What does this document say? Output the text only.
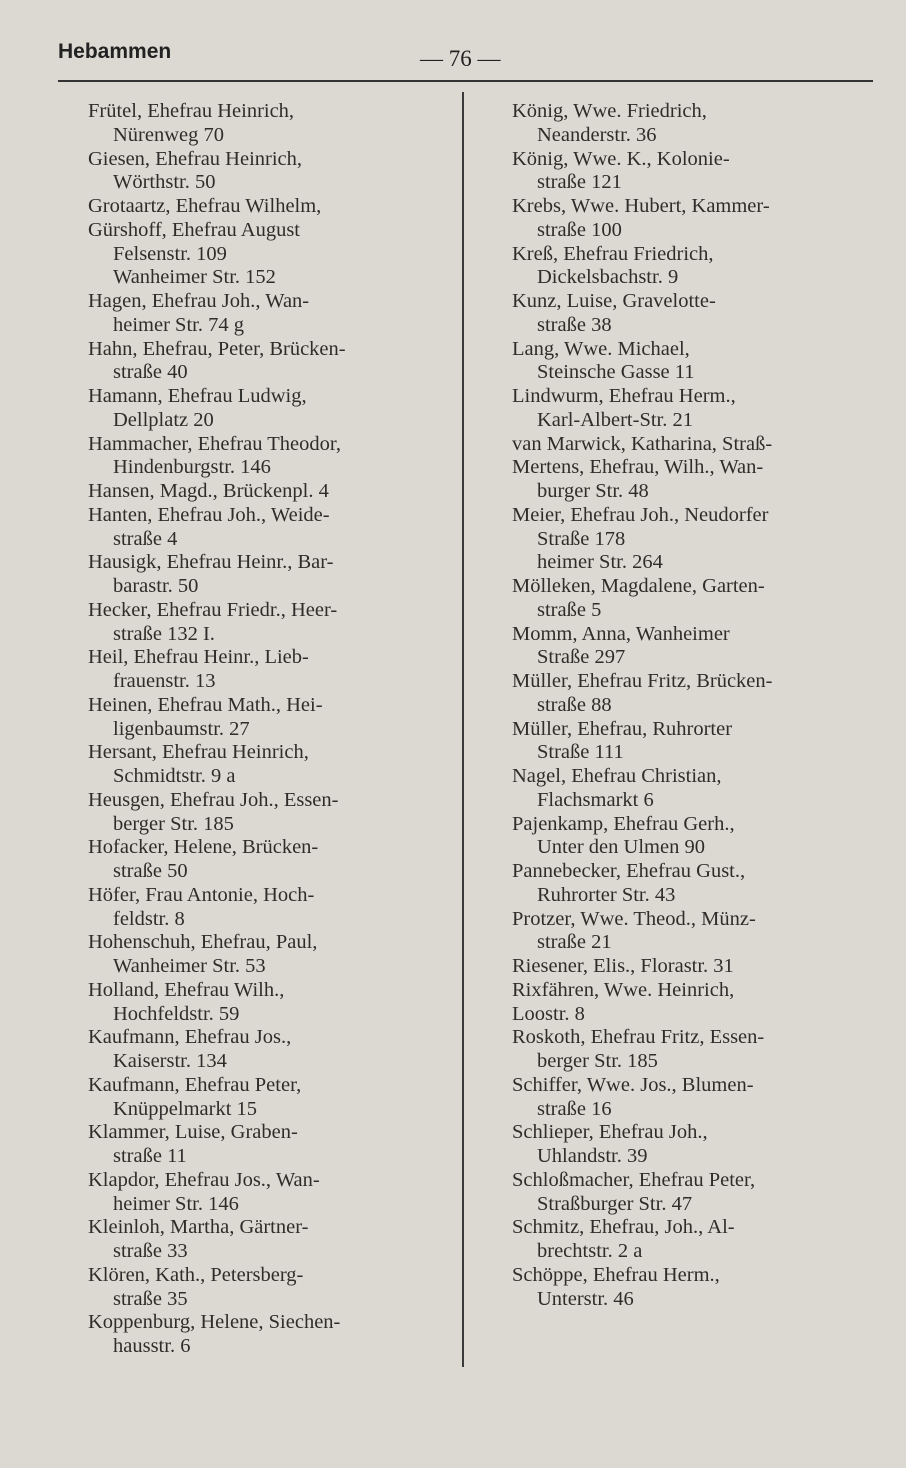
Hebammen	— 76 —
Frütel, Ehefrau Heinrich,
Nürenweg 70
Giesen, Ehefrau Heinrich,
Wörthstr. 50
Grotaartz, Ehefrau Wilhelm,
Gürshoff, Ehefrau August
Felsenstr. 109
Wanheimer Str. 152
Hagen, Ehefrau Joh., Wan-
heimer Str. 74 g
Hahn, Ehefrau, Peter, Brücken-
straße 40
Hamann, Ehefrau Ludwig,
Dellplatz 20
Hammacher, Ehefrau Theodor,
Hindenburgstr. 146
Hansen, Magd., Brückenpl. 4
Hanten, Ehefrau Joh., Weide-
straße 4
Hausigk, Ehefrau Heinr., Bar-
barastr. 50
Hecker, Ehefrau Friedr., Heer-
straße 132 I.
Heil, Ehefrau Heinr., Lieb-
frauenstr. 13
Heinen, Ehefrau Math., Hei-
ligenbaumstr. 27
Hersant, Ehefrau Heinrich,
Schmidtstr. 9 a
Heusgen, Ehefrau Joh., Essen-
berger Str. 185
Hofacker, Helene, Brücken-
straße 50
Höfer, Frau Antonie, Hoch-
feldstr. 8
Hohenschuh, Ehefrau, Paul,
Wanheimer Str. 53
Holland, Ehefrau Wilh.,
Hochfeldstr. 59
Kaufmann, Ehefrau Jos.,
Kaiserstr. 134
Kaufmann, Ehefrau Peter,
Knüppelmarkt 15
Klammer, Luise, Graben-
straße 11
Klapdor, Ehefrau Jos., Wan-
heimer Str. 146
Kleinloh, Martha, Gärtner-
straße 33
Klören, Kath., Petersberg-
straße 35
Koppenburg, Helene, Siechen-
hausstr. 6
König, Wwe. Friedrich,
Neanderstr. 36
König, Wwe. K., Kolonie-
straße 121
Krebs, Wwe. Hubert, Kammer-
straße 100
Kreß, Ehefrau Friedrich,
Dickelsbachstr. 9
Kunz, Luise, Gravelotte-
straße 38
Lang, Wwe. Michael,
Steinsche Gasse 11
Lindwurm, Ehefrau Herm.,
Karl-Albert-Str. 21
van Marwick, Katharina, Straß-
Mertens, Ehefrau, Wilh., Wan-
burger Str. 48
Meier, Ehefrau Joh., Neudorfer
Straße 178
heimer Str. 264
Mölleken, Magdalene, Garten-
straße 5
Momm, Anna, Wanheimer
Straße 297
Müller, Ehefrau Fritz, Brücken-
straße 88
Müller, Ehefrau, Ruhrorter
Straße 111
Nagel, Ehefrau Christian,
Flachsmarkt 6
Pajenkamp, Ehefrau Gerh.,
Unter den Ulmen 90
Pannebecker, Ehefrau Gust.,
Ruhrorter Str. 43
Protzer, Wwe. Theod., Münz-
straße 21
Riesener, Elis., Florastr. 31
Rixfähren, Wwe. Heinrich,
Loostr. 8
Roskoth, Ehefrau Fritz, Essen-
berger Str. 185
Schiffer, Wwe. Jos., Blumen-
straße 16
Schlieper, Ehefrau Joh.,
Uhlandstr. 39
Schloßmacher, Ehefrau Peter,
Straßburger Str. 47
Schmitz, Ehefrau, Joh., Al-
brechtstr. 2 a
Schöppe, Ehefrau Herm.,
Unterstr. 46
